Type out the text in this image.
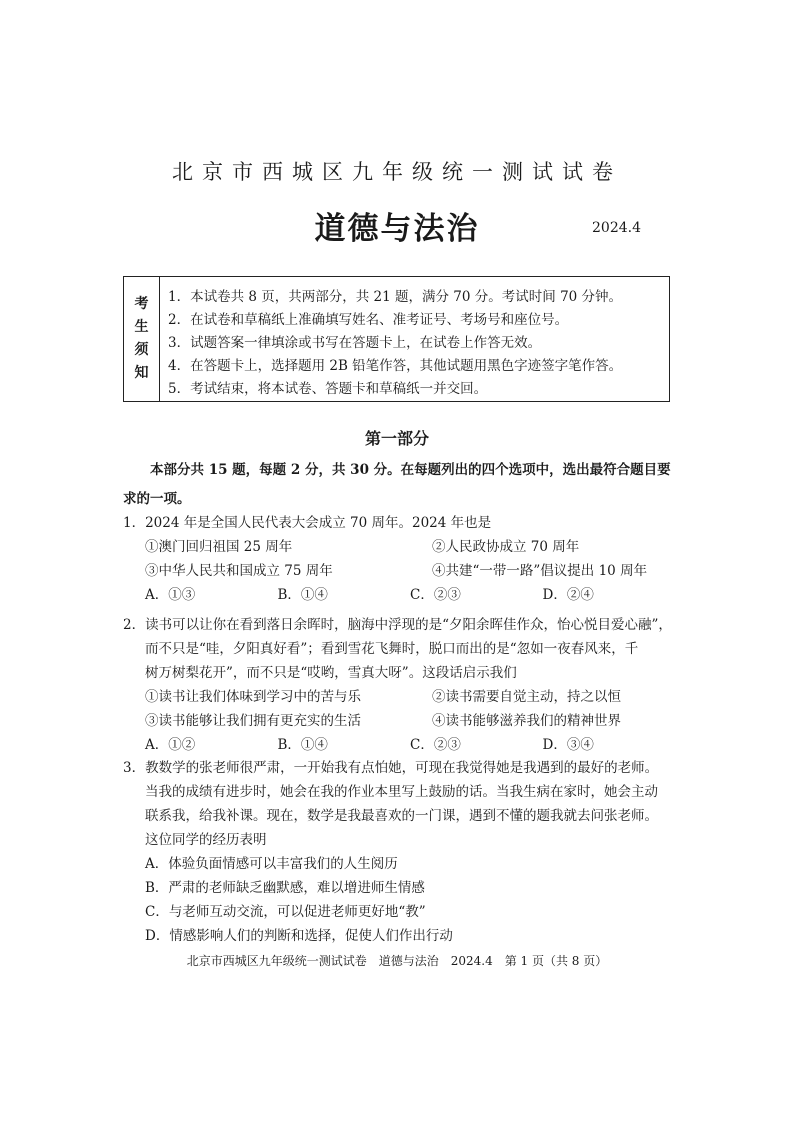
北京市西城区九年级统一测试试卷
道德与法治	2024.4
考
生
须
知
1．本试卷共 8 页，共两部分，共 21 题，满分 70 分。考试时间 70 分钟。
2．在试卷和草稿纸上准确填写姓名、准考证号、考场号和座位号。
3．试题答案一律填涂或书写在答题卡上，在试卷上作答无效。
4．在答题卡上，选择题用 2B 铅笔作答，其他试题用黑色字迹签字笔作答。
5．考试结束，将本试卷、答题卡和草稿纸一并交回。
第一部分
本部分共 15 题，每题 2 分，共 30 分。在每题列出的四个选项中，选出最符合题目要求的一项。
1．2024 年是全国人民代表大会成立 70 周年。2024 年也是
①澳门回归祖国 25 周年	②人民政协成立 70 周年
③中华人民共和国成立 75 周年	④共建“一带一路”倡议提出 10 周年
A．①③	B．①④	C．②③	D．②④
2．读书可以让你在看到落日余晖时，脑海中浮现的是“夕阳余晖佳作众，怡心悦目爱心融”，
而不只是“哇，夕阳真好看”；看到雪花飞舞时，脱口而出的是“忽如一夜春风来，千
树万树梨花开”，而不只是“哎哟，雪真大呀”。这段话启示我们
①读书让我们体味到学习中的苦与乐	②读书需要自觉主动，持之以恒
③读书能够让我们拥有更充实的生活	④读书能够滋养我们的精神世界
A．①②	B．①④	C．②③	D．③④
3．教数学的张老师很严肃，一开始我有点怕她，可现在我觉得她是我遇到的最好的老师。
当我的成绩有进步时，她会在我的作业本里写上鼓励的话。当我生病在家时，她会主动
联系我，给我补课。现在，数学是我最喜欢的一门课，遇到不懂的题我就去问张老师。
这位同学的经历表明
A．体验负面情感可以丰富我们的人生阅历
B．严肃的老师缺乏幽默感，难以增进师生情感
C．与老师互动交流，可以促进老师更好地“教”
D．情感影响人们的判断和选择，促使人们作出行动
北京市西城区九年级统一测试试卷　道德与法治　2024.4　第 1 页（共 8 页）
